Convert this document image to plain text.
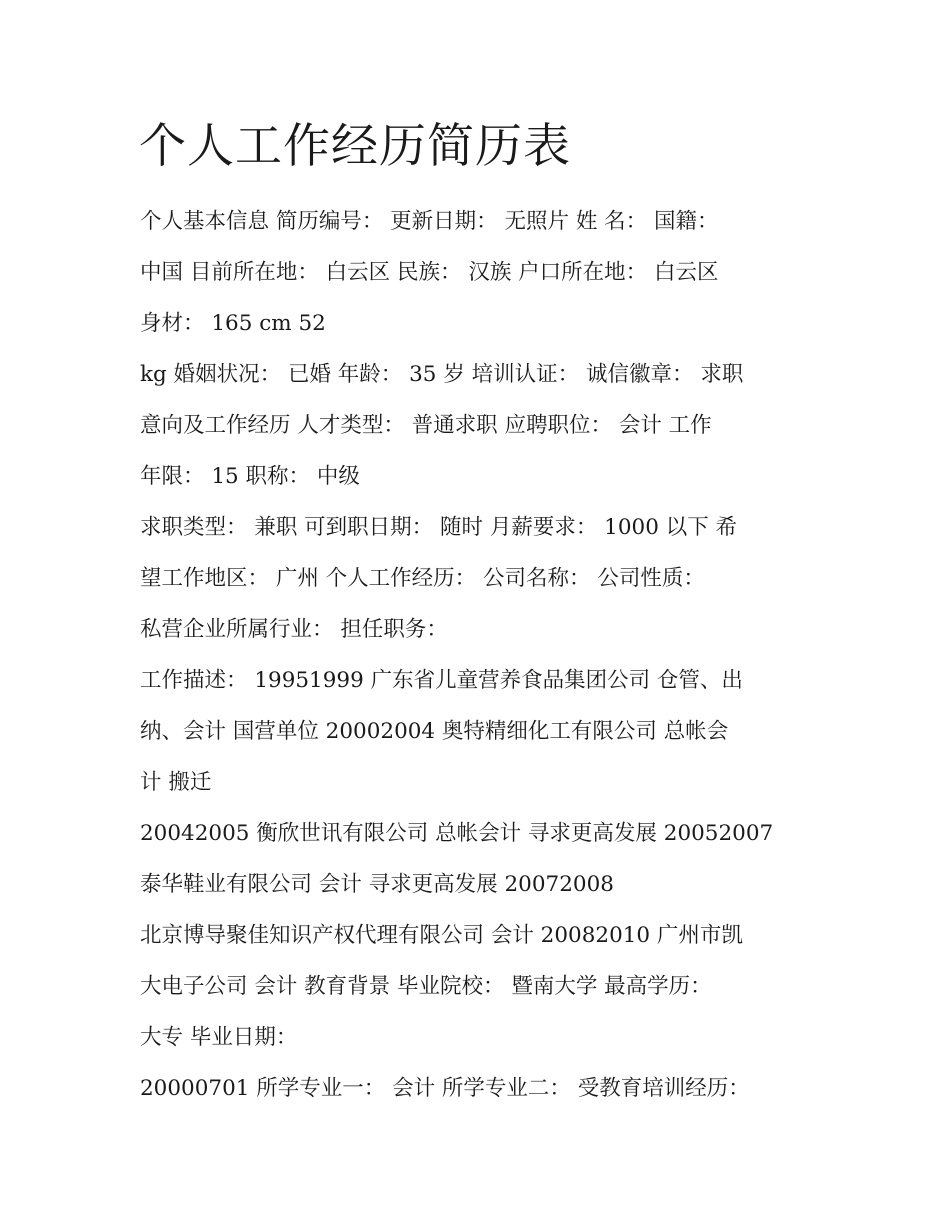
个人工作经历简历表

个人基本信息 简历编号： 更新日期： 无照片 姓 名： 国籍：

中国 目前所在地： 白云区 民族： 汉族 户口所在地： 白云区

身材： 165 cm 52

kg 婚姻状况： 已婚 年龄： 35 岁 培训认证： 诚信徽章： 求职

意向及工作经历 人才类型： 普通求职 应聘职位： 会计 工作

年限： 15 职称： 中级

求职类型： 兼职 可到职日期： 随时 月薪要求： 1000 以下 希

望工作地区： 广州 个人工作经历： 公司名称： 公司性质：

私营企业所属行业： 担任职务：

工作描述： 19951999 广东省儿童营养食品集团公司 仓管、出

纳、会计 国营单位 20002004 奥特精细化工有限公司 总帐会

计 搬迁

20042005 衡欣世讯有限公司 总帐会计 寻求更高发展 20052007

泰华鞋业有限公司 会计 寻求更高发展 20072008

北京博导聚佳知识产权代理有限公司 会计 20082010 广州市凯

大电子公司 会计 教育背景 毕业院校： 暨南大学 最高学历：

大专 毕业日期：

20000701 所学专业一： 会计 所学专业二： 受教育培训经历：
